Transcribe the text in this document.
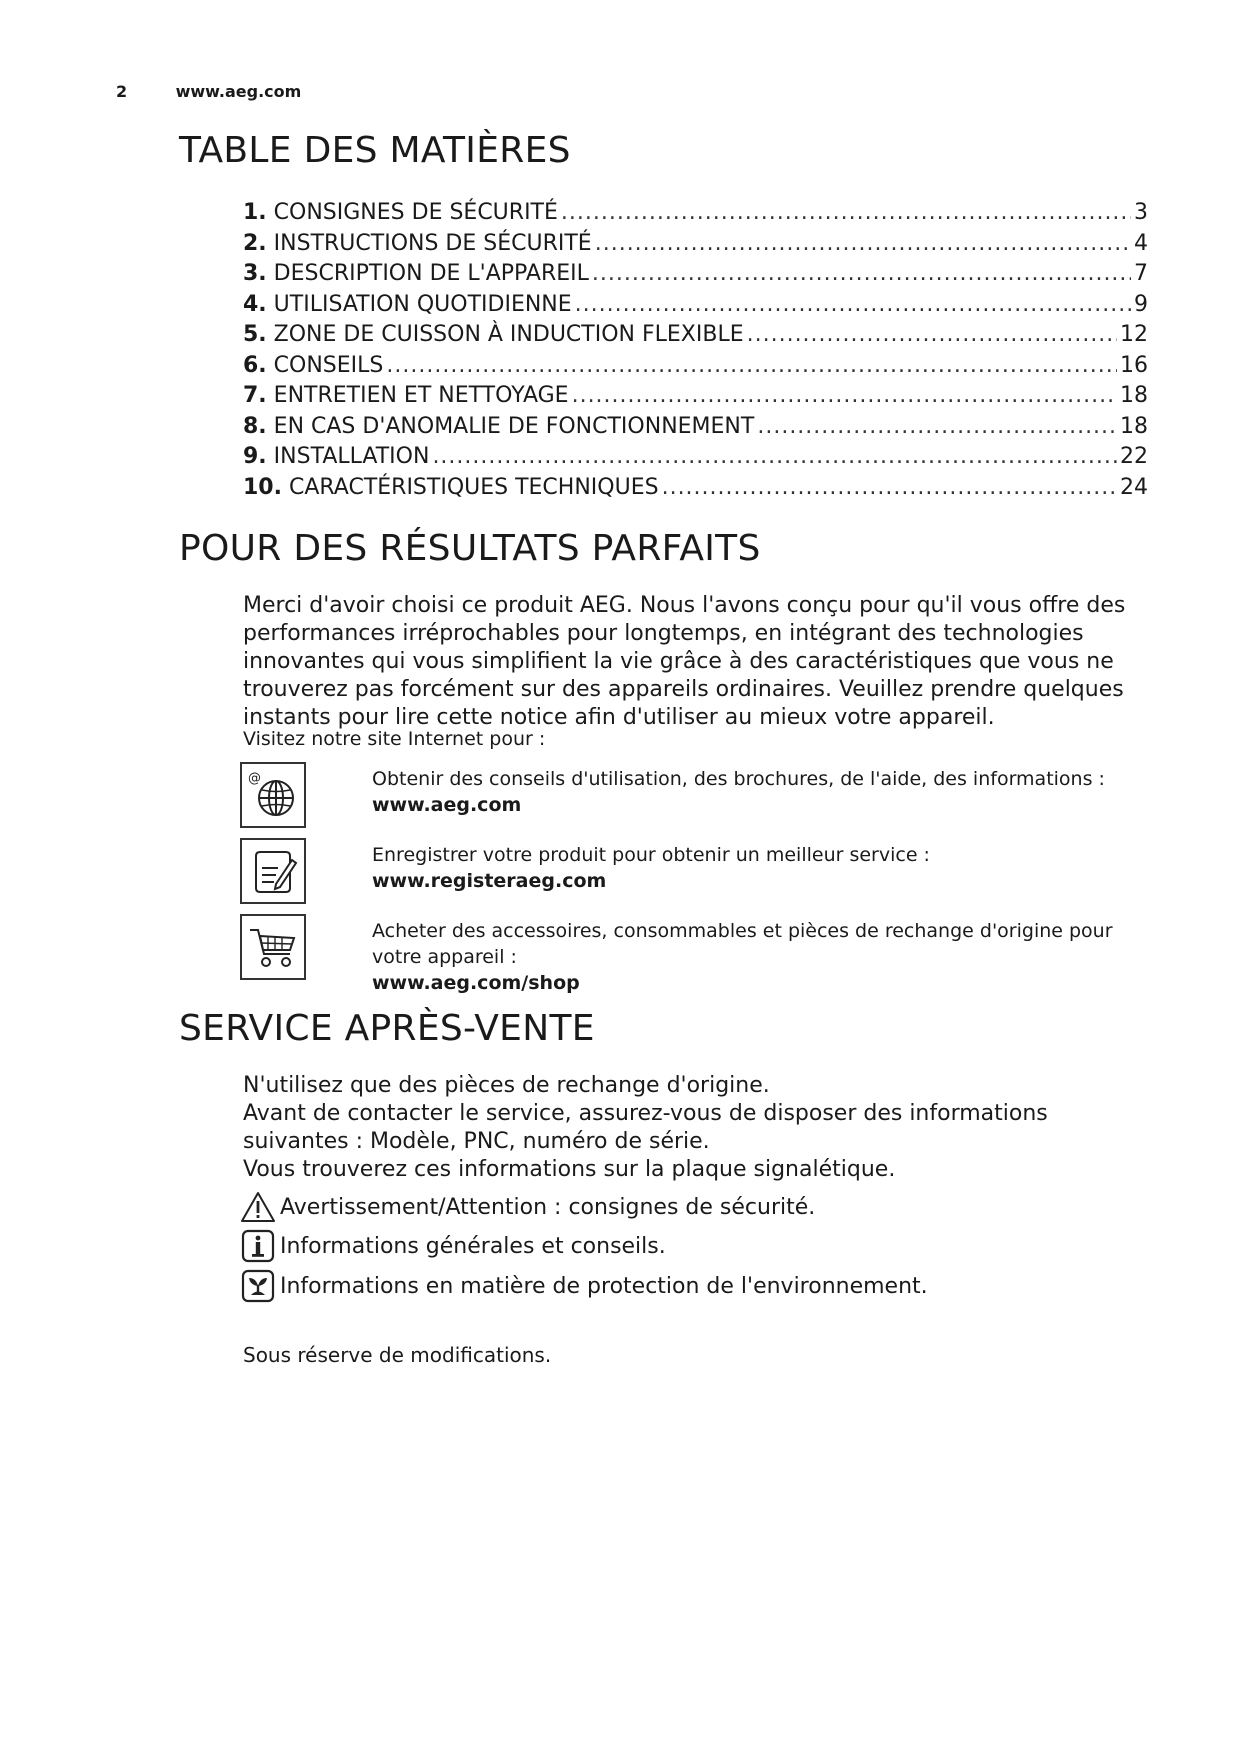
2	www.aeg.com
TABLE DES MATIÈRES
1. CONSIGNES DE SÉCURITÉ .....	3
2. INSTRUCTIONS DE SÉCURITÉ .....	4
3. DESCRIPTION DE L'APPAREIL .....	7
4. UTILISATION QUOTIDIENNE .....	9
5. ZONE DE CUISSON À INDUCTION FLEXIBLE .....	12
6. CONSEILS .....	16
7. ENTRETIEN ET NETTOYAGE .....	18
8. EN CAS D'ANOMALIE DE FONCTIONNEMENT .....	18
9. INSTALLATION .....	22
10. CARACTÉRISTIQUES TECHNIQUES .....	24
POUR DES RÉSULTATS PARFAITS

Merci d'avoir choisi ce produit AEG. Nous l'avons conçu pour qu'il vous offre des performances irréprochables pour longtemps, en intégrant des technologies innovantes qui vous simplifient la vie grâce à des caractéristiques que vous ne trouverez pas forcément sur des appareils ordinaires. Veuillez prendre quelques instants pour lire cette notice afin d'utiliser au mieux votre appareil.

Visitez notre site Internet pour :

@	Obtenir des conseils d'utilisation, des brochures, de l'aide, des informations :
www.aeg.com
Enregistrer votre produit pour obtenir un meilleur service :
www.registeraeg.com
Acheter des accessoires, consommables et pièces de rechange d'origine pour votre appareil :
www.aeg.com/shop
SERVICE APRÈS-VENTE
N'utilisez que des pièces de rechange d'origine.
Avant de contacter le service, assurez-vous de disposer des informations suivantes : Modèle, PNC, numéro de série.
Vous trouverez ces informations sur la plaque signalétique.
Avertissement/Attention : consignes de sécurité.
Informations générales et conseils.
Informations en matière de protection de l'environnement.

Sous réserve de modifications.
